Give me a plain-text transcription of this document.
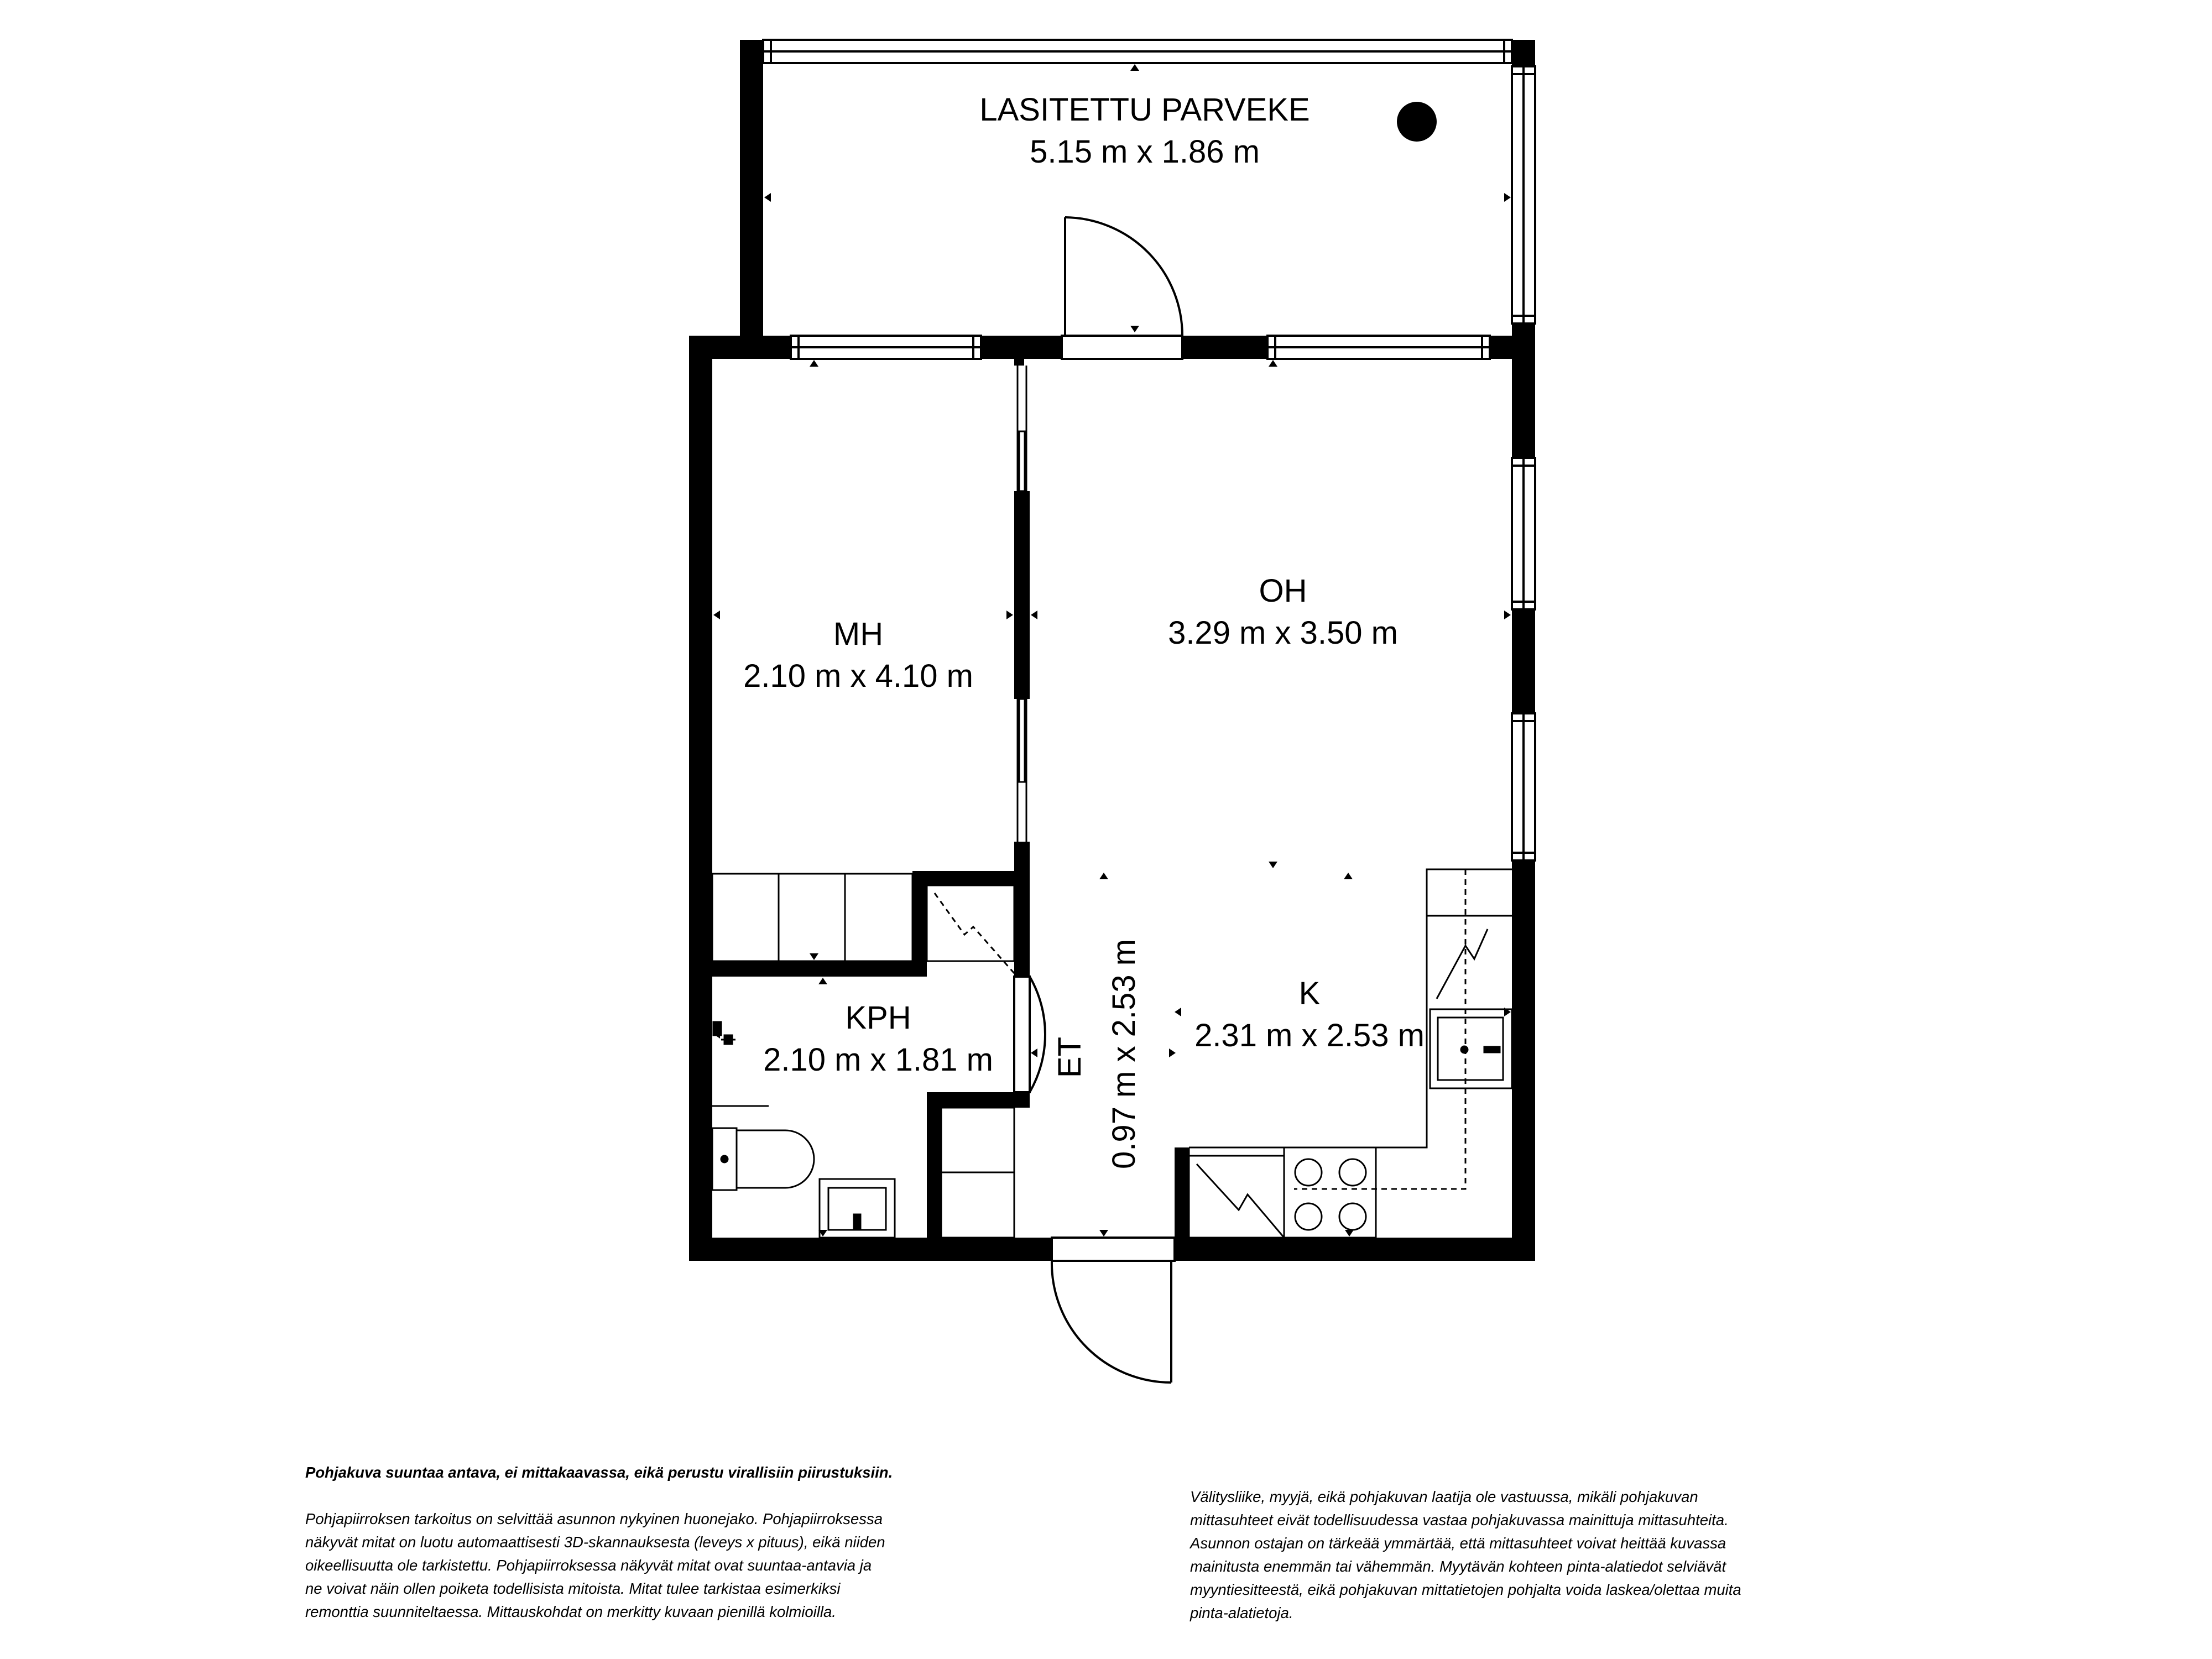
LASITETTU PARVEKE
5.15 m x 1.86 m
MH
2.10 m x 4.10 m
OH
3.29 m x 3.50 m
KPH
2.10 m x 1.81 m
K
2.31 m x 2.53 m
ET 0.97 m x 2.53 m

Pohjakuva suuntaa antava, ei mittakaavassa, eikä perustu virallisiin piirustuksiin.

Pohjapiirroksen tarkoitus on selvittää asunnon nykyinen huonejako. Pohjapiirroksessa
näkyvät mitat on luotu automaattisesti 3D-skannauksesta (leveys x pituus), eikä niiden
oikeellisuutta ole tarkistettu. Pohjapiirroksessa näkyvät mitat ovat suuntaa-antavia ja
ne voivat näin ollen poiketa todellisista mitoista. Mitat tulee tarkistaa esimerkiksi
remonttia suunniteltaessa. Mittauskohdat on merkitty kuvaan pienillä kolmioilla.
Välitysliike, myyjä, eikä pohjakuvan laatija ole vastuussa, mikäli pohjakuvan
mittasuhteet eivät todellisuudessa vastaa pohjakuvassa mainittuja mittasuhteita.
Asunnon ostajan on tärkeää ymmärtää, että mittasuhteet voivat heittää kuvassa
mainitusta enemmän tai vähemmän. Myytävän kohteen pinta-alatiedot selviävät
myyntiesitteestä, eikä pohjakuvan mittatietojen pohjalta voida laskea/olettaa muita
pinta-alatietoja.
